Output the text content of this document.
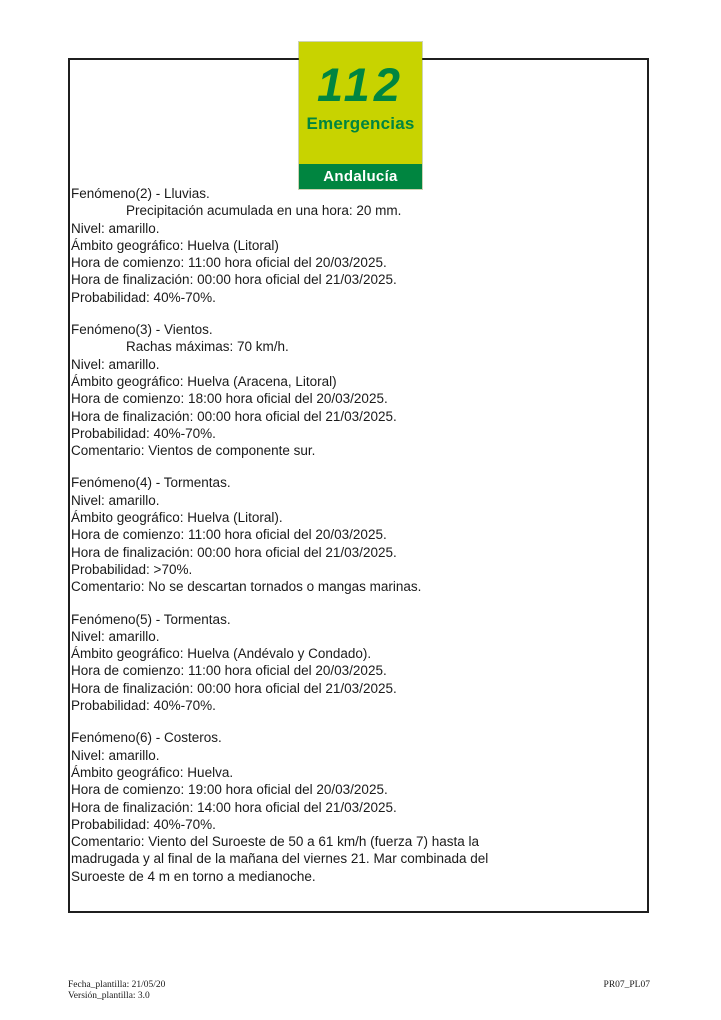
112
Emergencias
Andalucía
Fenómeno(2) - Lluvias.
Precipitación acumulada en una hora: 20 mm.
Nivel: amarillo.
Ámbito geográfico: Huelva (Litoral)
Hora de comienzo: 11:00 hora oficial del 20/03/2025.
Hora de finalización: 00:00 hora oficial del 21/03/2025.
Probabilidad: 40%-70%.
Fenómeno(3) - Vientos.
Rachas máximas: 70 km/h.
Nivel: amarillo.
Ámbito geográfico: Huelva (Aracena, Litoral)
Hora de comienzo: 18:00 hora oficial del 20/03/2025.
Hora de finalización: 00:00 hora oficial del 21/03/2025.
Probabilidad: 40%-70%.
Comentario: Vientos de componente sur.
Fenómeno(4) - Tormentas.
Nivel: amarillo.
Ámbito geográfico: Huelva (Litoral).
Hora de comienzo: 11:00 hora oficial del 20/03/2025.
Hora de finalización: 00:00 hora oficial del 21/03/2025.
Probabilidad: >70%.
Comentario: No se descartan tornados o mangas marinas.
Fenómeno(5) - Tormentas.
Nivel: amarillo.
Ámbito geográfico: Huelva (Andévalo y Condado).
Hora de comienzo: 11:00 hora oficial del 20/03/2025.
Hora de finalización: 00:00 hora oficial del 21/03/2025.
Probabilidad: 40%-70%.
Fenómeno(6) - Costeros.
Nivel: amarillo.
Ámbito geográfico: Huelva.
Hora de comienzo: 19:00 hora oficial del 20/03/2025.
Hora de finalización: 14:00 hora oficial del 21/03/2025.
Probabilidad: 40%-70%.
Comentario: Viento del Suroeste de 50 a 61 km/h (fuerza 7) hasta la
madrugada y al final de la mañana del viernes 21. Mar combinada del
Suroeste de 4 m en torno a medianoche.
Fecha_plantilla: 21/05/20
Versión_plantilla: 3.0
PR07_PL07
